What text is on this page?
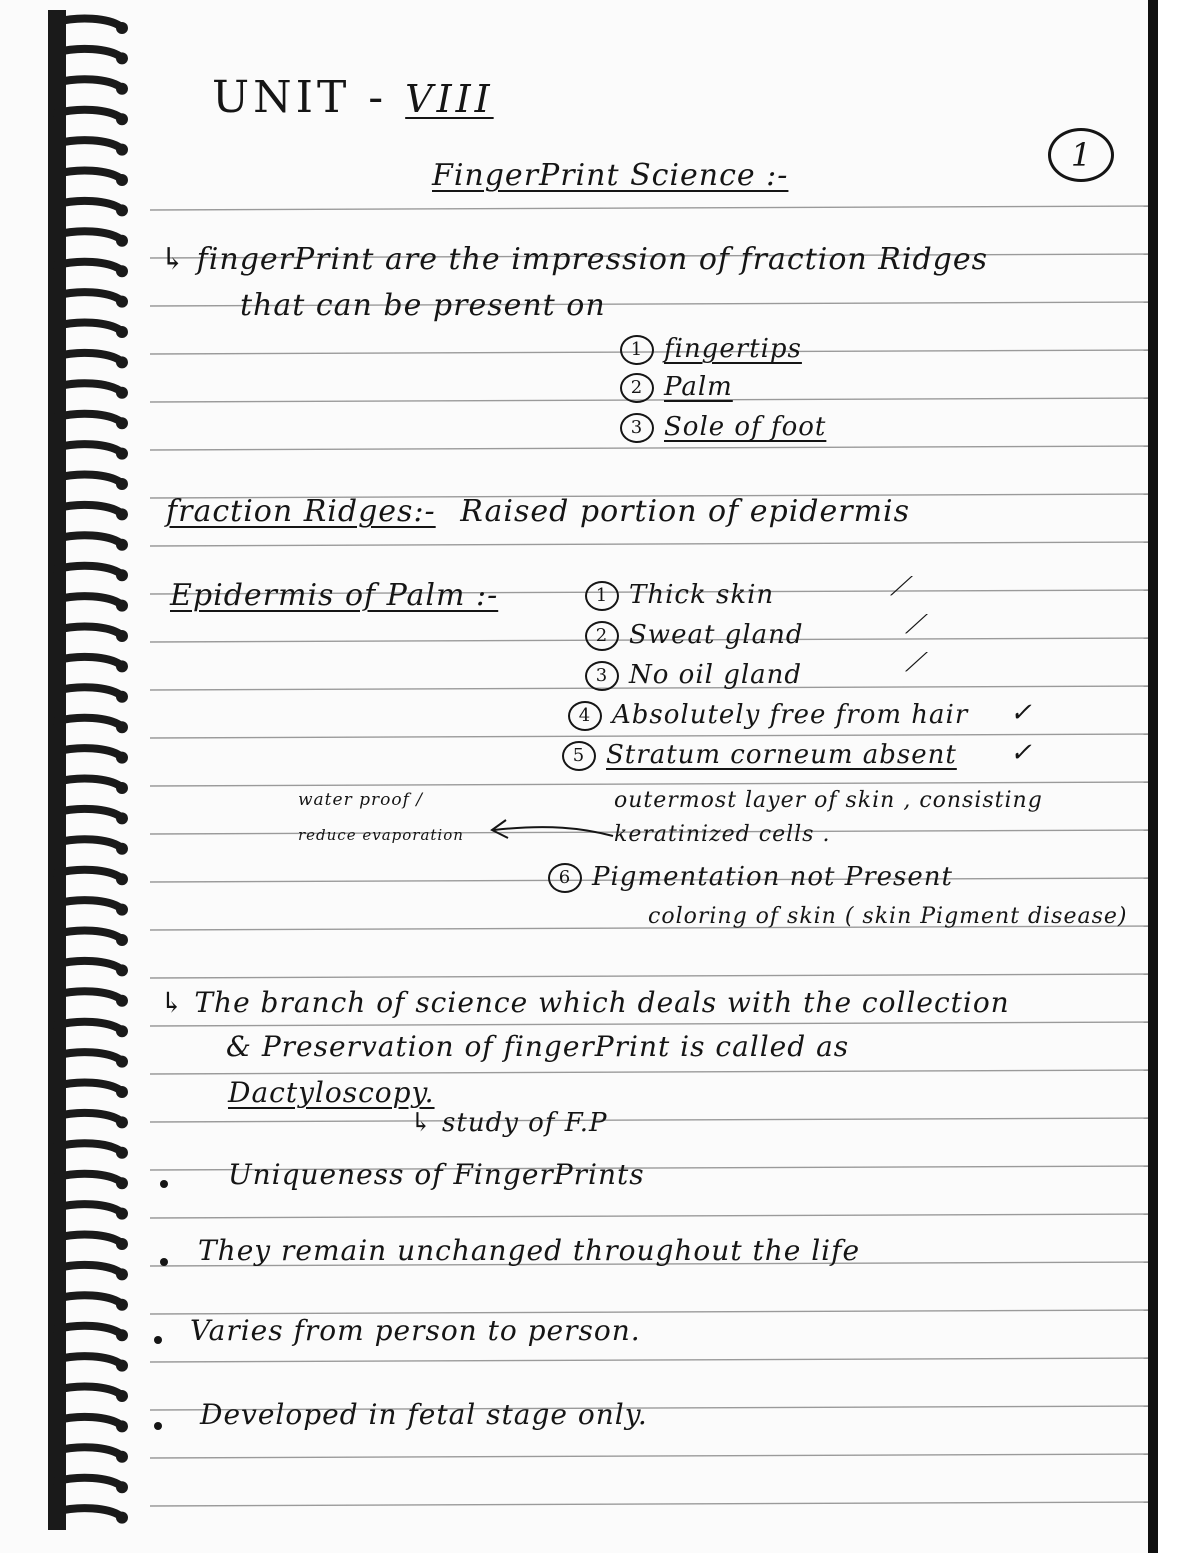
UNIT - VIII
1
FingerPrint Science :-
↳ fingerPrint are the impression of fraction Ridges
that can be present on
1 fingertips
2 Palm
3 Sole of foot
fraction Ridges:- Raised portion of epidermis
Epidermis of Palm :-	1 Thick skin
2 Sweat gland
3 No oil gland
4 Absolutely free from hair
5 Stratum corneum absent
⟋
⟋
⟋
✓
✓
outermost layer of skin , consisting
keratinized cells .
water proof /
reduce evaporation
6 Pigmentation not Present
coloring of skin ( skin Pigment disease)
↳ The branch of science which deals with the collection
& Preservation of fingerPrint is called as
Dactyloscopy.
↳ study of F.P
Uniqueness of FingerPrints
They remain unchanged throughout the life
Varies from person to person.
Developed in fetal stage only.
